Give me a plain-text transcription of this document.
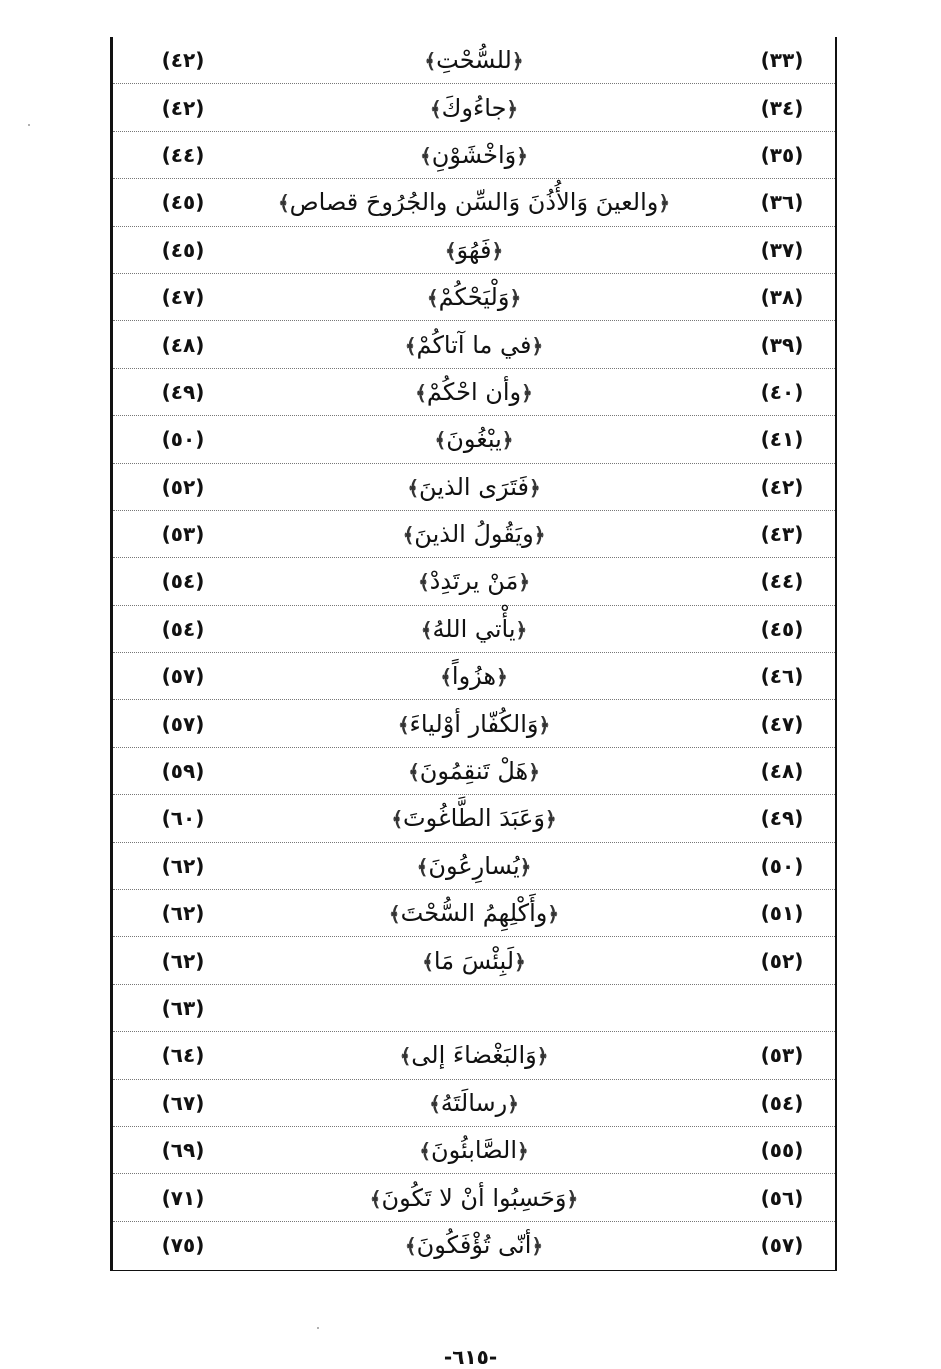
(٤٢)	﴿للسُّحْتِ﴾	(٣٣)
(٤٢)	﴿جاءُوكَ﴾	(٣٤)
(٤٤)	﴿وَاخْشَوْنِ﴾	(٣٥)
(٤٥)	﴿والعينَ وَالأُذُنَ وَالسِّن والجُرُوحَ قصاص﴾	(٣٦)
(٤٥)	﴿فَهُوَ﴾	(٣٧)
(٤٧)	﴿وَلْيَحْكُمْ﴾	(٣٨)
(٤٨)	﴿في ما آتاكُمْ﴾	(٣٩)
(٤٩)	﴿وأن احْكُمْ﴾	(٤٠)
(٥٠)	﴿يبْغُونَ﴾	(٤١)
(٥٢)	﴿فَتَرَى الذينَ﴾	(٤٢)
(٥٣)	﴿ويَقُولُ الذينَ﴾	(٤٣)
(٥٤)	﴿مَنْ يرتَدِدْ﴾	(٤٤)
(٥٤)	﴿يأْتي اللهُ﴾	(٤٥)
(٥٧)	﴿هزُواً﴾	(٤٦)
(٥٧)	﴿وَالكُفّار أوْلياءَ﴾	(٤٧)
(٥٩)	﴿هَلْ تَنقِمُونَ﴾	(٤٨)
(٦٠)	﴿وَعَبَدَ الطَّاغُوتَ﴾	(٤٩)
(٦٢)	﴿يُسارِعُونَ﴾	(٥٠)
(٦٢)	﴿وأَكْلِهِمُ السُّحْتَ﴾	(٥١)
(٦٢)	﴿لَبِئْسَ مَا﴾	(٥٢)
(٦٣)
(٦٤)	﴿وَالبَغْضاءَ إلى﴾	(٥٣)
(٦٧)	﴿رسالَتَهُ﴾	(٥٤)
(٦٩)	﴿الصَّابئُونَ﴾	(٥٥)
(٧١)	﴿وَحَسِبُوا أنْ لا تَكُونَ﴾	(٥٦)
(٧٥)	﴿أنّى تُؤْفَكُونَ﴾	(٥٧)
-٦١٥-
